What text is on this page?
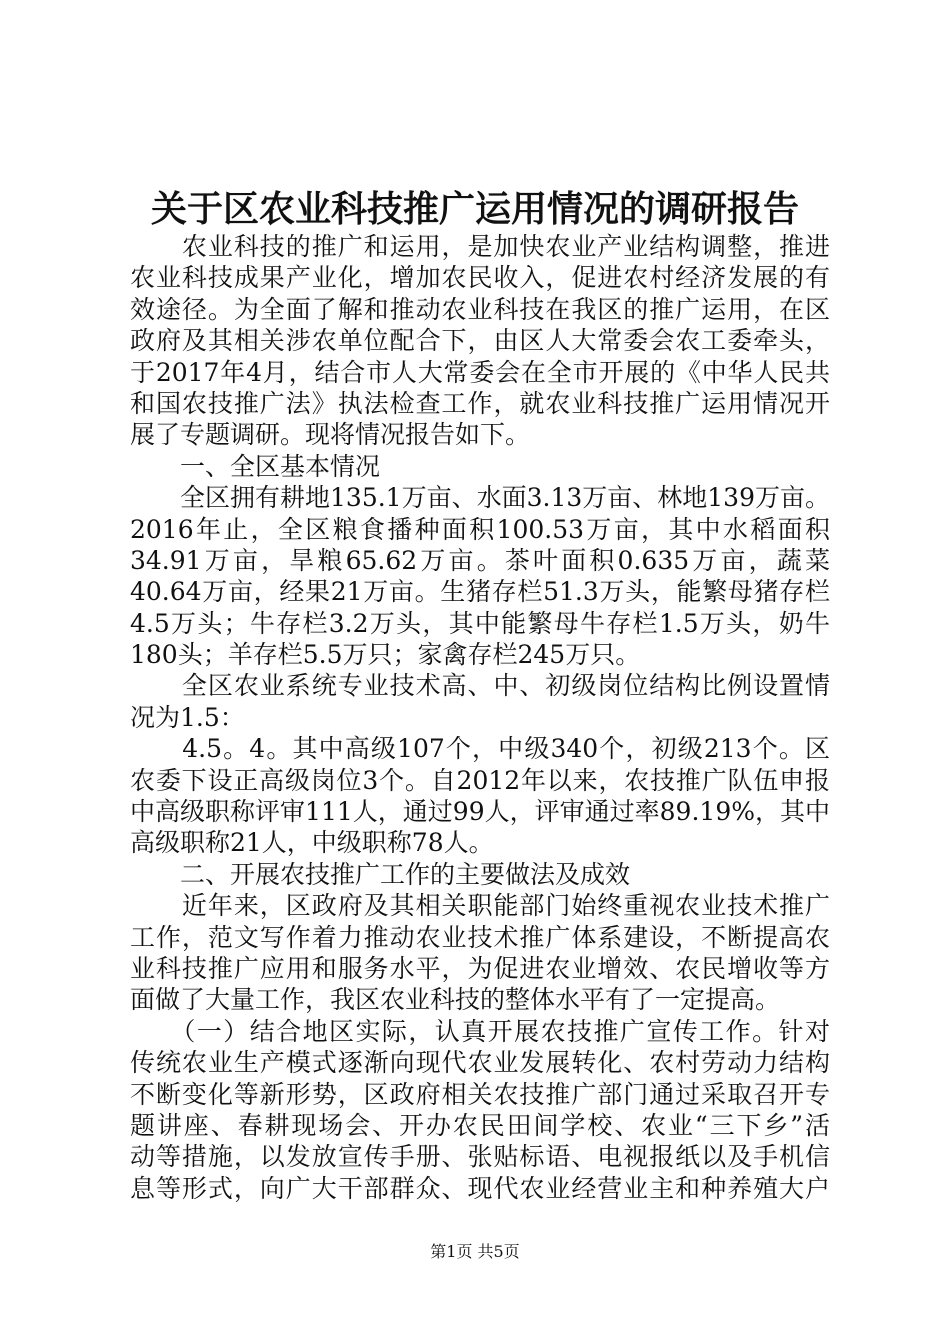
关于区农业科技推广运用情况的调研报告
　　农业科技的推广和运用，是加快农业产业结构调整，推进
农业科技成果产业化，增加农民收入，促进农村经济发展的有
效途径。为全面了解和推动农业科技在我区的推广运用，在区
政府及其相关涉农单位配合下，由区人大常委会农工委牵头，
于2017年4月，结合市人大常委会在全市开展的《中华人民共
和国农技推广法》执法检查工作，就农业科技推广运用情况开
展了专题调研。现将情况报告如下。
　　一、全区基本情况
　　全区拥有耕地135.1万亩、水面3.13万亩、林地139万亩。
2016年止，全区粮食播种面积100.53万亩，其中水稻面积
34.91万亩，旱粮65.62万亩。茶叶面积0.635万亩，蔬菜
40.64万亩，经果21万亩。生猪存栏51.3万头，能繁母猪存栏
4.5万头；牛存栏3.2万头，其中能繁母牛存栏1.5万头，奶牛
180头；羊存栏5.5万只；家禽存栏245万只。
　　全区农业系统专业技术高、中、初级岗位结构比例设置情
况为1.5：
　　4.5。4。其中高级107个，中级340个，初级213个。区
农委下设正高级岗位3个。自2012年以来，农技推广队伍申报
中高级职称评审111人，通过99人，评审通过率89.19%，其中
高级职称21人，中级职称78人。
　　二、开展农技推广工作的主要做法及成效
　　近年来，区政府及其相关职能部门始终重视农业技术推广
工作，范文写作着力推动农业技术推广体系建设，不断提高农
业科技推广应用和服务水平，为促进农业增效、农民增收等方
面做了大量工作，我区农业科技的整体水平有了一定提高。
　　（一）结合地区实际，认真开展农技推广宣传工作。针对
传统农业生产模式逐渐向现代农业发展转化、农村劳动力结构
不断变化等新形势，区政府相关农技推广部门通过采取召开专
题讲座、春耕现场会、开办农民田间学校、农业“三下乡”活
动等措施，以发放宣传手册、张贴标语、电视报纸以及手机信
息等形式，向广大干部群众、现代农业经营业主和种养殖大户
第1页 共5页
